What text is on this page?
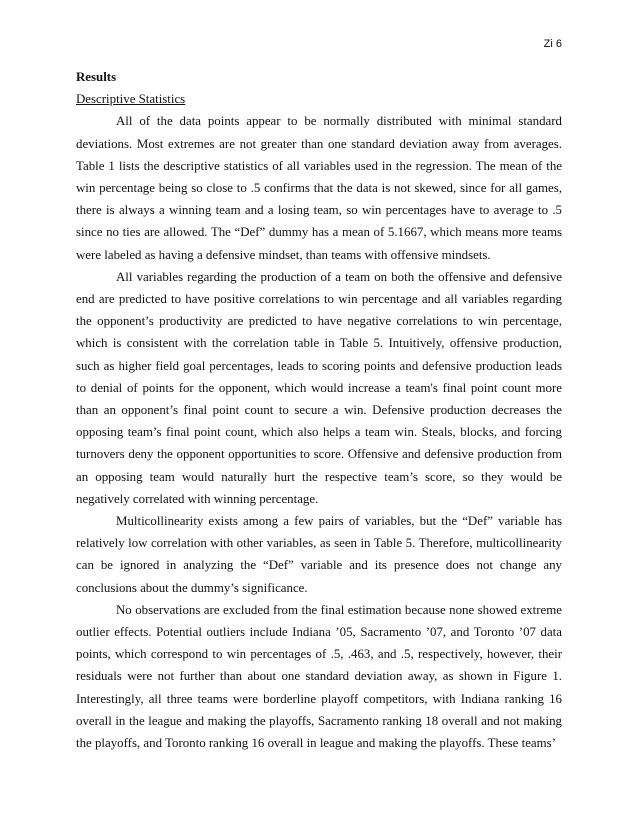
Zi 6

Results

Descriptive Statistics

All of the data points appear to be normally distributed with minimal standard deviations. Most extremes are not greater than one standard deviation away from averages. Table 1 lists the descriptive statistics of all variables used in the regression. The mean of the win percentage being so close to .5 confirms that the data is not skewed, since for all games, there is always a winning team and a losing team, so win percentages have to average to .5 since no ties are allowed. The “Def” dummy has a mean of 5.1667, which means more teams were labeled as having a defensive mindset, than teams with offensive mindsets.

All variables regarding the production of a team on both the offensive and defensive end are predicted to have positive correlations to win percentage and all variables regarding the opponent’s productivity are predicted to have negative correlations to win percentage, which is consistent with the correlation table in Table 5. Intuitively, offensive production, such as higher field goal percentages, leads to scoring points and defensive production leads to denial of points for the opponent, which would increase a team's final point count more than an opponent’s final point count to secure a win. Defensive production decreases the opposing team’s final point count, which also helps a team win. Steals, blocks, and forcing turnovers deny the opponent opportunities to score. Offensive and defensive production from an opposing team would naturally hurt the respective team’s score, so they would be negatively correlated with winning percentage.

Multicollinearity exists among a few pairs of variables, but the “Def” variable has relatively low correlation with other variables, as seen in Table 5. Therefore, multicollinearity can be ignored in analyzing the “Def” variable and its presence does not change any conclusions about the dummy’s significance.

No observations are excluded from the final estimation because none showed extreme outlier effects. Potential outliers include Indiana ’05, Sacramento ’07, and Toronto ’07 data points, which correspond to win percentages of .5, .463, and .5, respectively, however, their residuals were not further than about one standard deviation away, as shown in Figure 1. Interestingly, all three teams were borderline playoff competitors, with Indiana ranking 16 overall in the league and making the playoffs, Sacramento ranking 18 overall and not making the playoffs, and Toronto ranking 16 overall in league and making the playoffs. These teams’
